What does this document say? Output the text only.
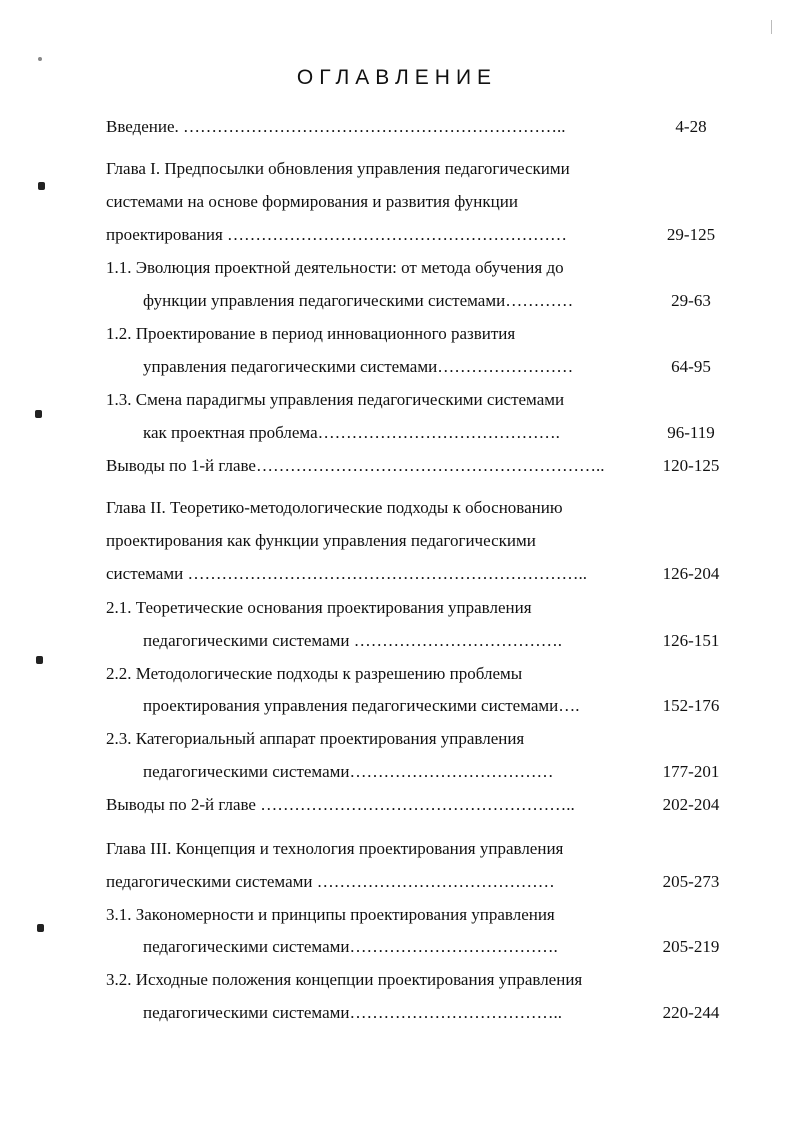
ОГЛАВЛЕНИЕ
Введение. …………………………………………………………..	4-28
Глава I. Предпосылки обновления управления педагогическими
системами на основе формирования и развития функции
проектирования ……………………………………………………	29-125
1.1. Эволюция проектной деятельности: от метода обучения до
функции управления педагогическими системами…………	29-63
1.2. Проектирование в период инновационного развития
управления педагогическими системами……………………	64-95
1.3. Смена парадигмы управления педагогическими системами
как проектная проблема…………………………………….	96-119
Выводы по 1-й главе……………………………………………………..	120-125
Глава II. Теоретико-методологические подходы к обоснованию
проектирования как функции управления педагогическими
системами ……………………………………………………………..	126-204
2.1. Теоретические основания проектирования управления
педагогическими системами ……………………………….	126-151
2.2. Методологические подходы к разрешению проблемы
проектирования управления педагогическими системами….	152-176
2.3. Категориальный аппарат проектирования управления
педагогическими системами………………………………	177-201
Выводы по 2-й главе ………………………………………………..	202-204
Глава III. Концепция и технология проектирования управления
педагогическими системами ……………………………………	205-273
3.1. Закономерности и принципы проектирования управления
педагогическими системами……………………………….	205-219
3.2. Исходные положения концепции проектирования управления
педагогическими системами………………………………..	220-244
